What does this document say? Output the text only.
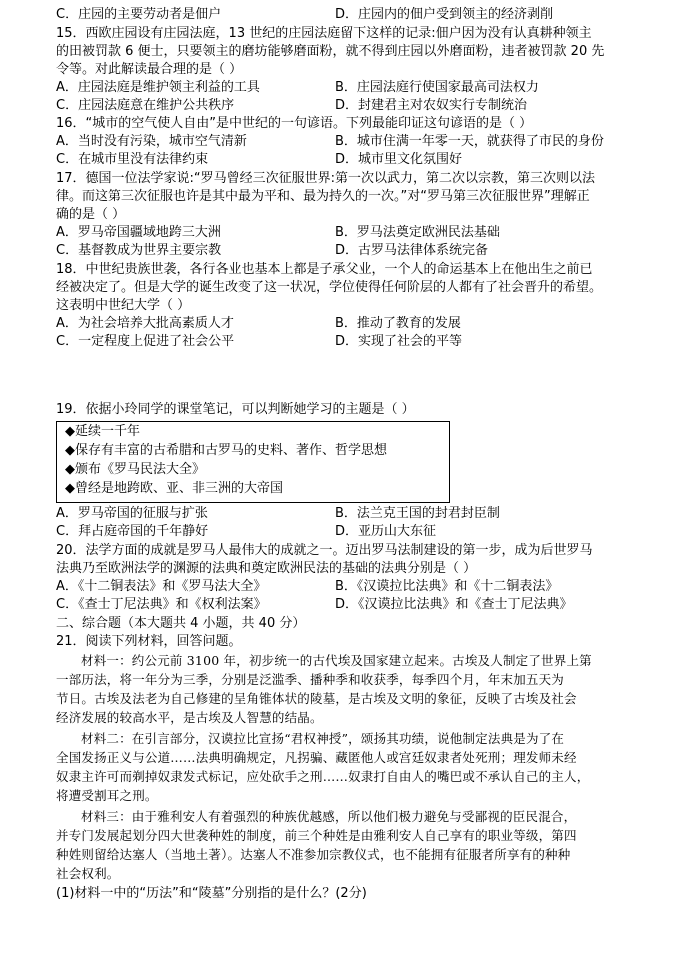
C．庄园的主要劳动者是佃户	D．庄园内的佃户受到领主的经济剥削
15．西欧庄园设有庄园法庭，13 世纪的庄园法庭留下这样的记录:佃户因为没有认真耕种领主
的田被罚款 6 便士，只要领主的磨坊能够磨面粉，就不得到庄园以外磨面粉，违者被罚款 20 先
令等。对此解读最合理的是（ ）
A．庄园法庭是维护领主利益的工具	B．庄园法庭行使国家最高司法权力
C．庄园法庭意在维护公共秩序	D．封建君主对农奴实行专制统治
16．“城市的空气使人自由”是中世纪的一句谚语。下列最能印证这句谚语的是（ ）
A．当时没有污染，城市空气清新	B．城市住满一年零一天，就获得了市民的身份
C．在城市里没有法律约束	D．城市里文化氛围好
17．德国一位法学家说:“罗马曾经三次征服世界:第一次以武力，第二次以宗教，第三次则以法
律。而这第三次征服也许是其中最为平和、最为持久的一次。”对“罗马第三次征服世界”理解正
确的是（ ）
A．罗马帝国疆域地跨三大洲	B．罗马法奠定欧洲民法基础
C．基督教成为世界主要宗教	D．古罗马法律体系统完备
18．中世纪贵族世袭，各行各业也基本上都是子承父业，一个人的命运基本上在他出生之前已
经被决定了。但是大学的诞生改变了这一状况，学位使得任何阶层的人都有了社会晋升的希望。
这表明中世纪大学（ ）
A．为社会培养大批高素质人才	B．推动了教育的发展
C．一定程度上促进了社会公平	D．实现了社会的平等
19．依据小玲同学的课堂笔记，可以判断她学习的主题是（ ）
◆延续一千年
◆保存有丰富的古希腊和古罗马的史料、著作、哲学思想
◆颁布《罗马民法大全》
◆曾经是地跨欧、亚、非三洲的大帝国
A．罗马帝国的征服与扩张	B．法兰克王国的封君封臣制
C．拜占庭帝国的千年静好	D．亚历山大东征
20．法学方面的成就是罗马人最伟大的成就之一。迈出罗马法制建设的第一步，成为后世罗马
法典乃至欧洲法学的渊源的法典和奠定欧洲民法的基础的法典分别是（ ）
A．《十二铜表法》和《罗马法大全》	B．《汉谟拉比法典》和《十二铜表法》
C．《查士丁尼法典》和《权利法案》	D．《汉谟拉比法典》和《查士丁尼法典》
二、综合题（本大题共 4 小题，共 40 分）
21．阅读下列材料，回答问题。
材料一：约公元前 3100 年，初步统一的古代埃及国家建立起来。古埃及人制定了世界上第
一部历法，将一年分为三季，分别是泛滥季、播种季和收获季，每季四个月，年末加五天为
节日。古埃及法老为自己修建的呈角锥体状的陵墓，是古埃及文明的象征，反映了古埃及社会
经济发展的较高水平，是古埃及人智慧的结晶。
材料二：在引言部分，汉谟拉比宣扬“君权神授”，颂扬其功绩，说他制定法典是为了在
全国发扬正义与公道……法典明确规定，凡拐骗、藏匿他人或宫廷奴隶者处死刑；理发师未经
奴隶主许可而剃掉奴隶发式标记，应处砍手之刑……奴隶打自由人的嘴巴或不承认自己的主人，
将遭受割耳之刑。
材料三：由于雅利安人有着强烈的种族优越感，所以他们极力避免与受鄙视的臣民混合，
并专门发展起划分四大世袭种姓的制度，前三个种姓是由雅利安人自己享有的职业等级，第四
种姓则留给达塞人（当地土著）。达塞人不准参加宗教仪式，也不能拥有征服者所享有的种种
社会权利。
(1)材料一中的“历法”和“陵墓”分别指的是什么？(2分)
